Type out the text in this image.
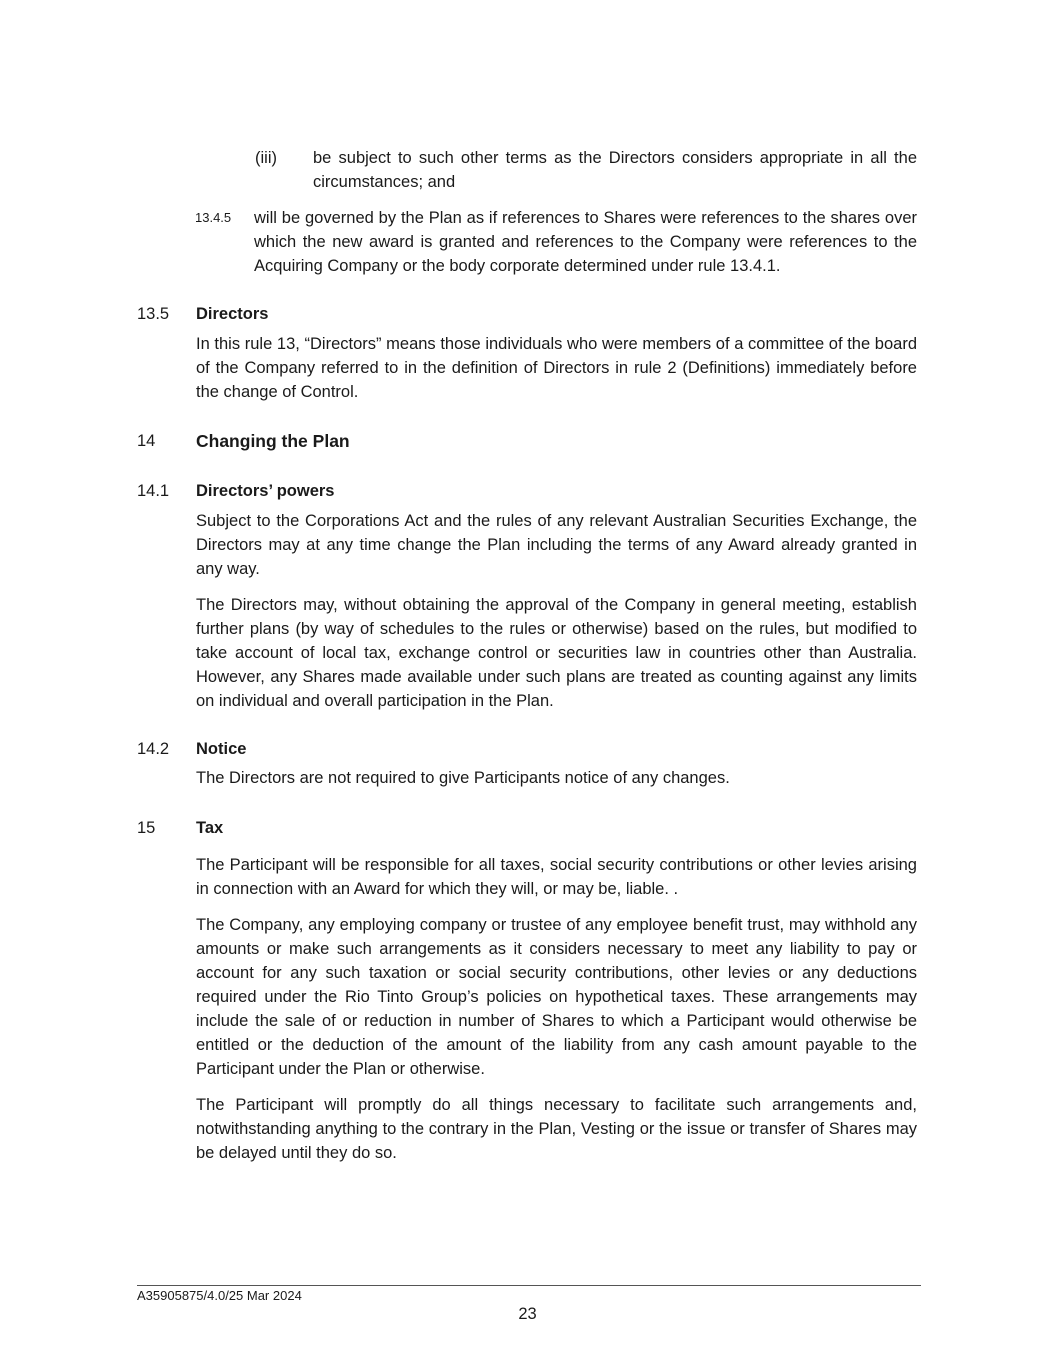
(iii) be subject to such other terms as the Directors considers appropriate in all the circumstances; and
13.4.5 will be governed by the Plan as if references to Shares were references to the shares over which the new award is granted and references to the Company were references to the Acquiring Company or the body corporate determined under rule 13.4.1.
13.5 Directors
In this rule 13, “Directors” means those individuals who were members of a committee of the board of the Company referred to in the definition of Directors in rule 2 (Definitions) immediately before the change of Control.
14 Changing the Plan
14.1 Directors’ powers
Subject to the Corporations Act and the rules of any relevant Australian Securities Exchange, the Directors may at any time change the Plan including the terms of any Award already granted in any way.
The Directors may, without obtaining the approval of the Company in general meeting, establish further plans (by way of schedules to the rules or otherwise) based on the rules, but modified to take account of local tax, exchange control or securities law in countries other than Australia. However, any Shares made available under such plans are treated as counting against any limits on individual and overall participation in the Plan.
14.2 Notice
The Directors are not required to give Participants notice of any changes.
15 Tax
The Participant will be responsible for all taxes, social security contributions or other levies arising in connection with an Award for which they will, or may be, liable. .
The Company, any employing company or trustee of any employee benefit trust, may withhold any amounts or make such arrangements as it considers necessary to meet any liability to pay or account for any such taxation or social security contributions, other levies or any deductions required under the Rio Tinto Group’s policies on hypothetical taxes. These arrangements may include the sale of or reduction in number of Shares to which a Participant would otherwise be entitled or the deduction of the amount of the liability from any cash amount payable to the Participant under the Plan or otherwise.
The Participant will promptly do all things necessary to facilitate such arrangements and, notwithstanding anything to the contrary in the Plan, Vesting or the issue or transfer of Shares may be delayed until they do so.
A35905875/4.0/25 Mar 2024
23
